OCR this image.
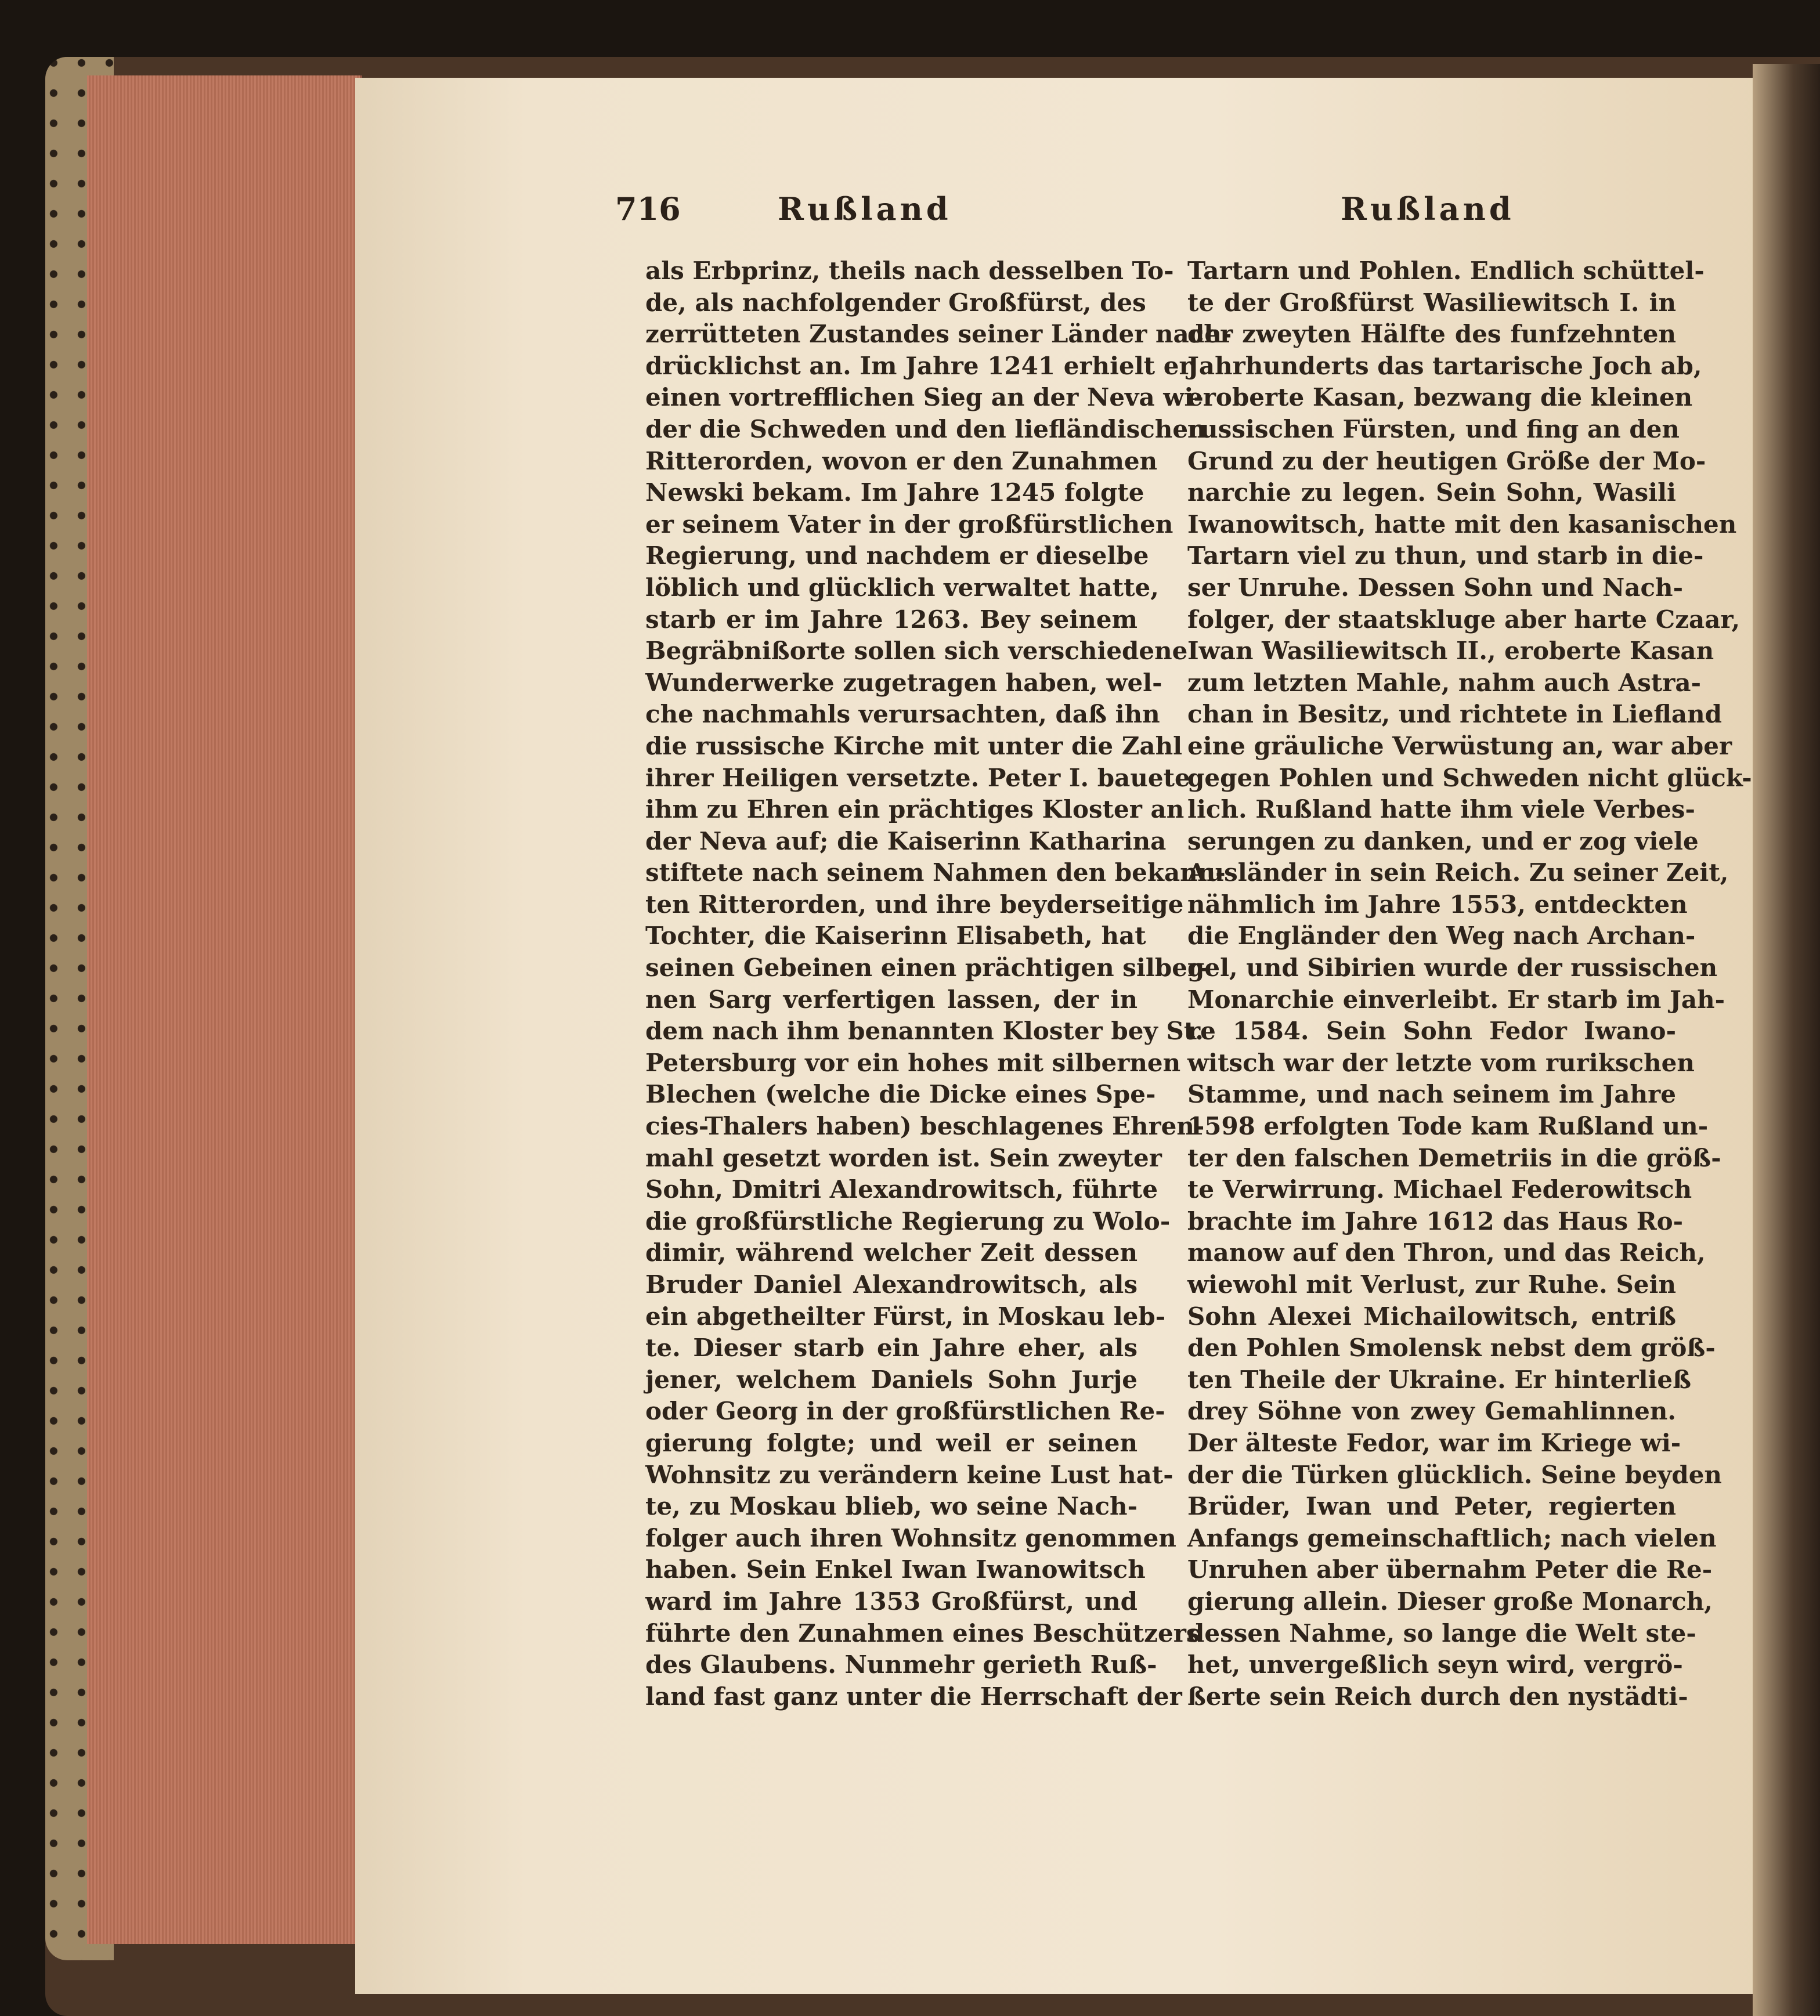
716	Rußland	Rußland
als Erbprinz, theils nach desselben To-
de, als nachfolgender Großfürst, des
zerrütteten Zustandes seiner Länder nach-
drücklichst an. Im Jahre 1241 erhielt er
einen vortrefflichen Sieg an der Neva wi-
der die Schweden und den liefländischen
Ritterorden, wovon er den Zunahmen
Newski bekam. Im Jahre 1245 folgte
er seinem Vater in der großfürstlichen
Regierung, und nachdem er dieselbe
löblich und glücklich verwaltet hatte,
starb er im Jahre 1263. Bey seinem
Begräbnißorte sollen sich verschiedene
Wunderwerke zugetragen haben, wel-
che nachmahls verursachten, daß ihn
die russische Kirche mit unter die Zahl
ihrer Heiligen versetzte. Peter I. bauete
ihm zu Ehren ein prächtiges Kloster an
der Neva auf; die Kaiserinn Katharina
stiftete nach seinem Nahmen den bekann-
ten Ritterorden, und ihre beyderseitige
Tochter, die Kaiserinn Elisabeth, hat
seinen Gebeinen einen prächtigen silber-
nen Sarg verfertigen lassen, der in
dem nach ihm benannten Kloster bey St.
Petersburg vor ein hohes mit silbernen
Blechen (welche die Dicke eines Spe-
cies-Thalers haben) beschlagenes Ehren-
mahl gesetzt worden ist. Sein zweyter
Sohn, Dmitri Alexandrowitsch, führte
die großfürstliche Regierung zu Wolo-
dimir, während welcher Zeit dessen
Bruder Daniel Alexandrowitsch, als
ein abgetheilter Fürst, in Moskau leb-
te. Dieser starb ein Jahre eher, als
jener, welchem Daniels Sohn Jurje
oder Georg in der großfürstlichen Re-
gierung folgte; und weil er seinen
Wohnsitz zu verändern keine Lust hat-
te, zu Moskau blieb, wo seine Nach-
folger auch ihren Wohnsitz genommen
haben. Sein Enkel Iwan Iwanowitsch
ward im Jahre 1353 Großfürst, und
führte den Zunahmen eines Beschützers
des Glaubens. Nunmehr gerieth Ruß-
land fast ganz unter die Herrschaft der
Tartarn und Pohlen. Endlich schüttel-
te der Großfürst Wasiliewitsch I. in
der zweyten Hälfte des funfzehnten
Jahrhunderts das tartarische Joch ab,
eroberte Kasan, bezwang die kleinen
russischen Fürsten, und fing an den
Grund zu der heutigen Größe der Mo-
narchie zu legen. Sein Sohn, Wasili
Iwanowitsch, hatte mit den kasanischen
Tartarn viel zu thun, und starb in die-
ser Unruhe. Dessen Sohn und Nach-
folger, der staatskluge aber harte Czaar,
Iwan Wasiliewitsch II., eroberte Kasan
zum letzten Mahle, nahm auch Astra-
chan in Besitz, und richtete in Liefland
eine gräuliche Verwüstung an, war aber
gegen Pohlen und Schweden nicht glück-
lich. Rußland hatte ihm viele Verbes-
serungen zu danken, und er zog viele
Ausländer in sein Reich. Zu seiner Zeit,
nähmlich im Jahre 1553, entdeckten
die Engländer den Weg nach Archan-
gel, und Sibirien wurde der russischen
Monarchie einverleibt. Er starb im Jah-
re 1584. Sein Sohn Fedor Iwano-
witsch war der letzte vom rurikschen
Stamme, und nach seinem im Jahre
1598 erfolgten Tode kam Rußland un-
ter den falschen Demetriis in die größ-
te Verwirrung. Michael Federowitsch
brachte im Jahre 1612 das Haus Ro-
manow auf den Thron, und das Reich,
wiewohl mit Verlust, zur Ruhe. Sein
Sohn Alexei Michailowitsch, entriß
den Pohlen Smolensk nebst dem größ-
ten Theile der Ukraine. Er hinterließ
drey Söhne von zwey Gemahlinnen.
Der älteste Fedor, war im Kriege wi-
der die Türken glücklich. Seine beyden
Brüder, Iwan und Peter, regierten
Anfangs gemeinschaftlich; nach vielen
Unruhen aber übernahm Peter die Re-
gierung allein. Dieser große Monarch,
dessen Nahme, so lange die Welt ste-
het, unvergeßlich seyn wird, vergrö-
ßerte sein Reich durch den nystädti-
